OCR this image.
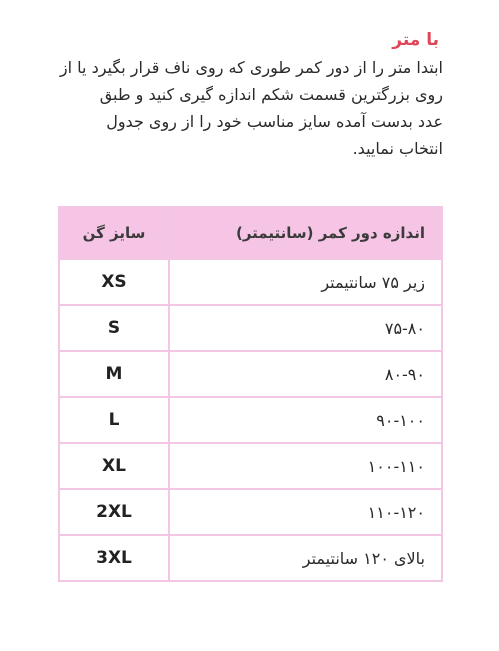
با متر
ابتدا متر را از دور کمر طوری که روی ناف قرار بگیرد یا از
روی بزرگترین قسمت شکم اندازه گیری کنید و طبق
عدد بدست آمده سایز مناسب خود را از روی جدول
انتخاب نمایید.
سایز گن	اندازه دور کمر (سانتیمتر)
XS	زیر ۷۵ سانتیمتر
S	۷۵-۸۰
M	۸۰-۹۰
L	۹۰-۱۰۰
XL	۱۰۰-۱۱۰
2XL	۱۱۰-۱۲۰
3XL	بالای ۱۲۰ سانتیمتر
